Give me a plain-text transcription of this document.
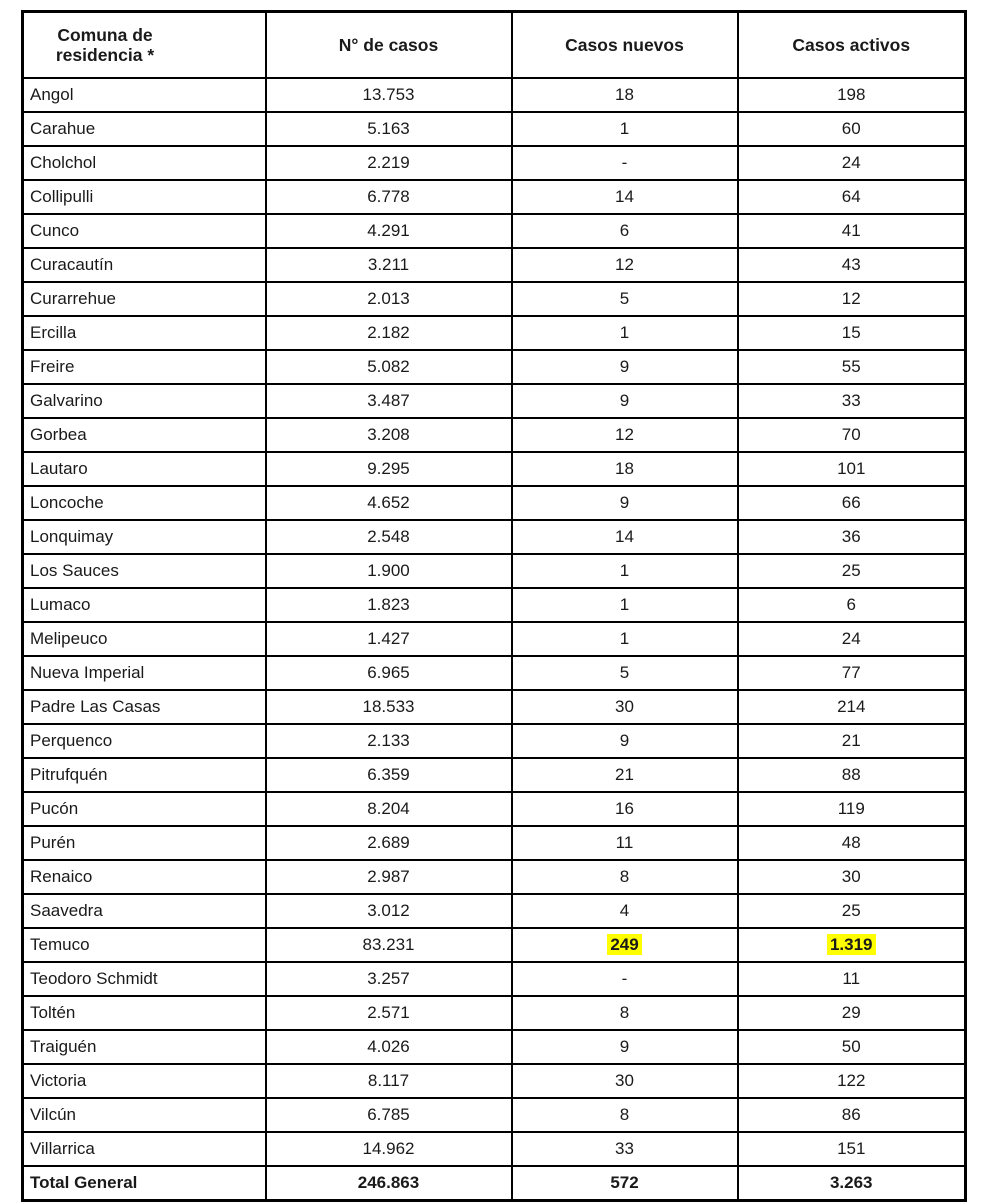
Comuna de residencia *	N° de casos	Casos nuevos	Casos activos
Angol	13.753	18	198
Carahue	5.163	1	60
Cholchol	2.219	-	24
Collipulli	6.778	14	64
Cunco	4.291	6	41
Curacautín	3.211	12	43
Curarrehue	2.013	5	12
Ercilla	2.182	1	15
Freire	5.082	9	55
Galvarino	3.487	9	33
Gorbea	3.208	12	70
Lautaro	9.295	18	101
Loncoche	4.652	9	66
Lonquimay	2.548	14	36
Los Sauces	1.900	1	25
Lumaco	1.823	1	6
Melipeuco	1.427	1	24
Nueva Imperial	6.965	5	77
Padre Las Casas	18.533	30	214
Perquenco	2.133	9	21
Pitrufquén	6.359	21	88
Pucón	8.204	16	119
Purén	2.689	11	48
Renaico	2.987	8	30
Saavedra	3.012	4	25
Temuco	83.231	249	1.319
Teodoro Schmidt	3.257	-	11
Toltén	2.571	8	29
Traiguén	4.026	9	50
Victoria	8.117	30	122
Vilcún	6.785	8	86
Villarrica	14.962	33	151
Total General	246.863	572	3.263
